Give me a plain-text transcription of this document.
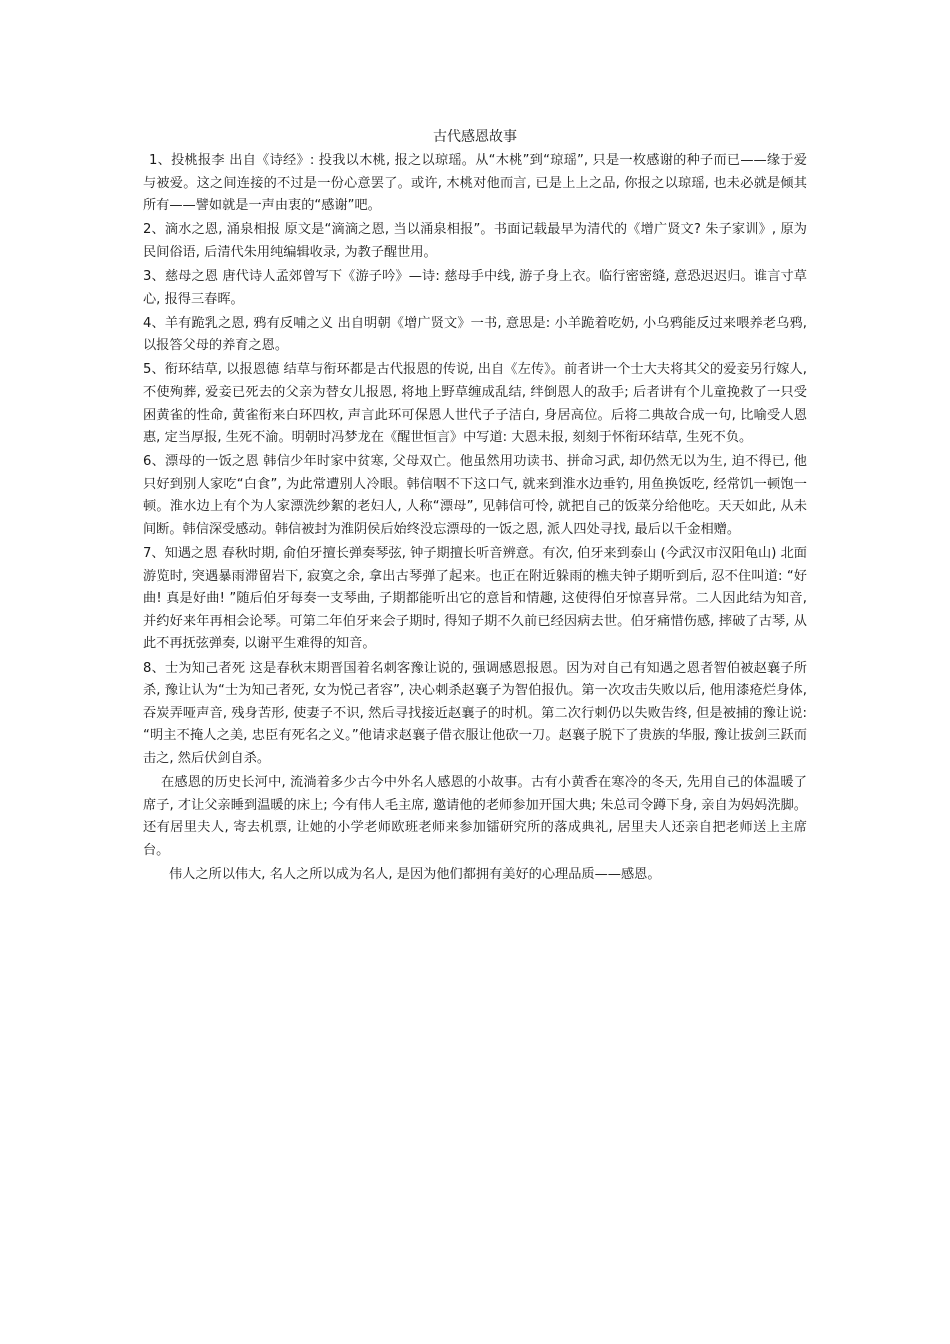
古代感恩故事

1、投桃报李 出自《诗经》: 投我以木桃, 报之以琼瑶。从“木桃”到“琼瑶”, 只是一枚感谢的种子而已——缘于爱与被爱。这之间连接的不过是一份心意罢了。或许, 木桃对他而言, 已是上上之品, 你报之以琼瑶, 也未必就是倾其所有——譬如就是一声由衷的“感谢”吧。

2、滴水之恩, 涌泉相报 原文是“滴滴之恩, 当以涌泉相报”。书面记载最早为清代的《增广贤文? 朱子家训》, 原为民间俗语, 后清代朱用纯编辑收录, 为教子醒世用。

3、慈母之恩 唐代诗人孟郊曾写下《游子吟》—诗: 慈母手中线, 游子身上衣。临行密密缝, 意恐迟迟归。谁言寸草心, 报得三春晖。

4、羊有跪乳之恩, 鸦有反哺之义 出自明朝《增广贤文》一书, 意思是: 小羊跪着吃奶, 小乌鸦能反过来喂养老乌鸦, 以报答父母的养育之恩。

5、衔环结草, 以报恩德 结草与衔环都是古代报恩的传说, 出自《左传》。前者讲一个士大夫将其父的爱妾另行嫁人, 不使殉葬, 爱妾已死去的父亲为替女儿报恩, 将地上野草缠成乱结, 绊倒恩人的敌手; 后者讲有个儿童挽救了一只受困黄雀的性命, 黄雀衔来白环四枚, 声言此环可保恩人世代子子洁白, 身居高位。后将二典故合成一句, 比喻受人恩惠, 定当厚报, 生死不渝。明朝时冯梦龙在《醒世恒言》中写道: 大恩未报, 刻刻于怀衔环结草, 生死不负。

6、漂母的一饭之恩 韩信少年时家中贫寒, 父母双亡。他虽然用功读书、拼命习武, 却仍然无以为生, 迫不得已, 他只好到别人家吃“白食”, 为此常遭别人冷眼。韩信咽不下这口气, 就来到淮水边垂钓, 用鱼换饭吃, 经常饥一顿饱一顿。淮水边上有个为人家漂洗纱絮的老妇人, 人称“漂母”, 见韩信可怜, 就把自己的饭菜分给他吃。天天如此, 从未间断。韩信深受感动。韩信被封为淮阴侯后始终没忘漂母的一饭之恩, 派人四处寻找, 最后以千金相赠。

7、知遇之恩 春秋时期, 俞伯牙擅长弹奏琴弦, 钟子期擅长听音辨意。有次, 伯牙来到泰山 (今武汉市汉阳龟山) 北面游览时, 突遇暴雨滞留岩下, 寂寞之余, 拿出古琴弹了起来。也正在附近躲雨的樵夫钟子期听到后, 忍不住叫道: “好曲! 真是好曲! ”随后伯牙每奏一支琴曲, 子期都能听出它的意旨和情趣, 这使得伯牙惊喜异常。二人因此结为知音, 并约好来年再相会论琴。可第二年伯牙来会子期时, 得知子期不久前已经因病去世。伯牙痛惜伤感, 摔破了古琴, 从此不再抚弦弹奏, 以谢平生难得的知音。

8、士为知己者死 这是春秋末期晋国着名刺客豫让说的, 强调感恩报恩。因为对自己有知遇之恩者智伯被赵襄子所杀, 豫让认为“士为知己者死, 女为悦己者容”, 决心刺杀赵襄子为智伯报仇。第一次攻击失败以后, 他用漆疮烂身体, 吞炭弄哑声音, 残身苦形, 使妻子不识, 然后寻找接近赵襄子的时机。第二次行刺仍以失败告终, 但是被捕的豫让说: “明主不掩人之美, 忠臣有死名之义。”他请求赵襄子借衣服让他砍一刀。赵襄子脱下了贵族的华服, 豫让拔剑三跃而击之, 然后伏剑自杀。

在感恩的历史长河中, 流淌着多少古今中外名人感恩的小故事。古有小黄香在寒冷的冬天, 先用自己的体温暖了席子, 才让父亲睡到温暖的床上; 今有伟人毛主席, 邀请他的老师参加开国大典; 朱总司令蹲下身, 亲自为妈妈洗脚。还有居里夫人, 寄去机票, 让她的小学老师欧班老师来参加镭研究所的落成典礼, 居里夫人还亲自把老师送上主席台。

伟人之所以伟大, 名人之所以成为名人, 是因为他们都拥有美好的心理品质——感恩。
